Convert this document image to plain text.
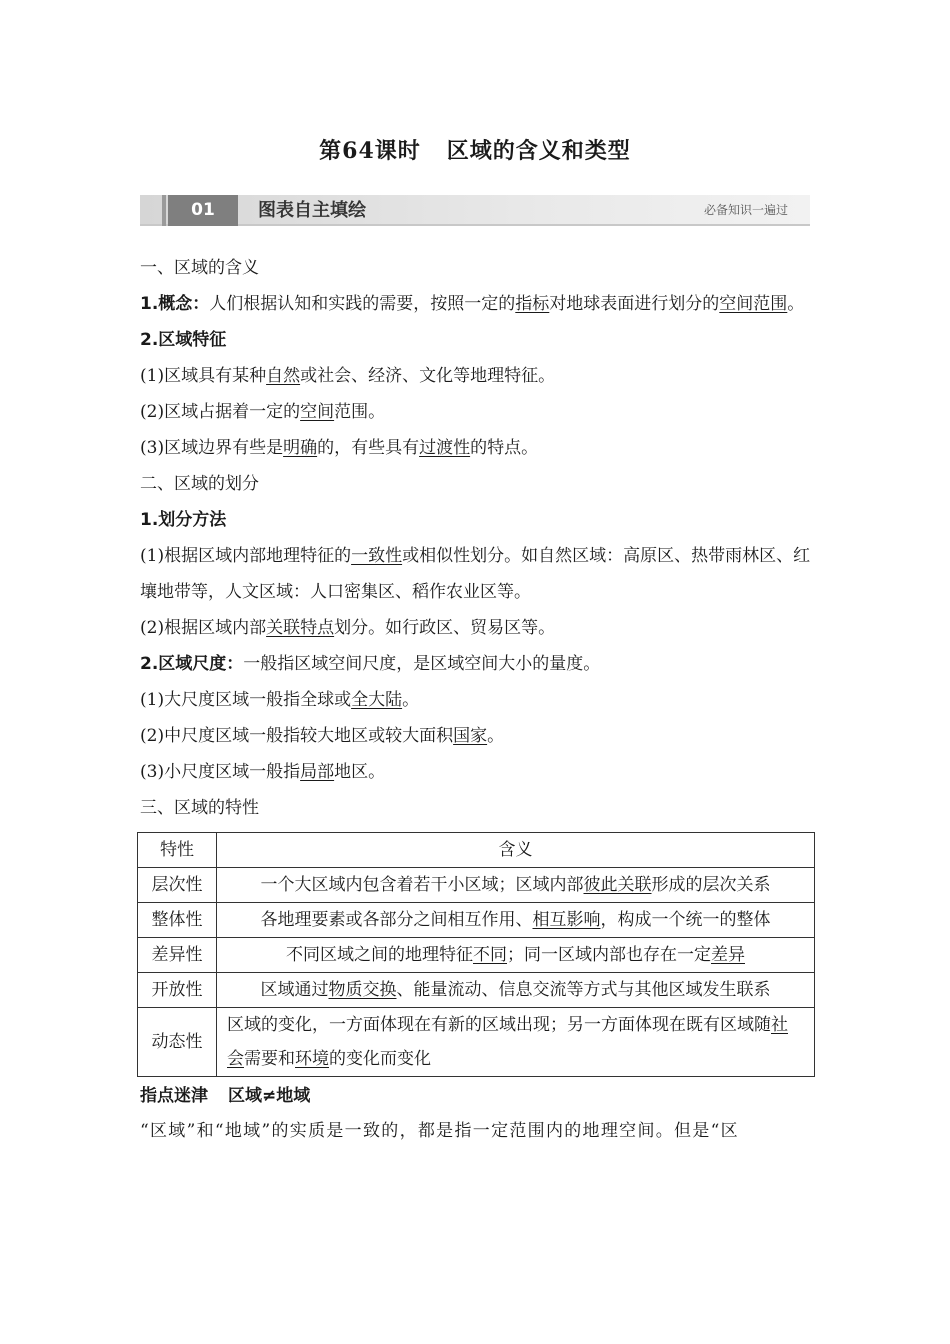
第64课时 区域的含义和类型
01	图表自主填绘	必备知识一遍过

一、区域的含义

1.概念：人们根据认知和实践的需要，按照一定的指标对地球表面进行划分的空间范围。

2.区域特征

(1)区域具有某种自然或社会、经济、文化等地理特征。

(2)区域占据着一定的空间范围。

(3)区域边界有些是明确的，有些具有过渡性的特点。

二、区域的划分

1.划分方法

(1)根据区域内部地理特征的一致性或相似性划分。如自然区域：高原区、热带雨林区、红壤地带等，人文区域：人口密集区、稻作农业区等。

(2)根据区域内部关联特点划分。如行政区、贸易区等。

2.区域尺度：一般指区域空间尺度，是区域空间大小的量度。

(1)大尺度区域一般指全球或全大陆。

(2)中尺度区域一般指较大地区或较大面积国家。

(3)小尺度区域一般指局部地区。

三、区域的特性

特性	含义
层次性	一个大区域内包含着若干小区域；区域内部彼此关联形成的层次关系
整体性	各地理要素或各部分之间相互作用、相互影响，构成一个统一的整体
差异性	不同区域之间的地理特征不同；同一区域内部也存在一定差异
开放性	区域通过物质交换、能量流动、信息交流等方式与其他区域发生联系
动态性	区域的变化，一方面体现在有新的区域出现；另一方面体现在既有区域随社会需要和环境的变化而变化
指点迷津 区域≠地域

“区域”和“地域”的实质是一致的，都是指一定范围内的地理空间。但是“区
